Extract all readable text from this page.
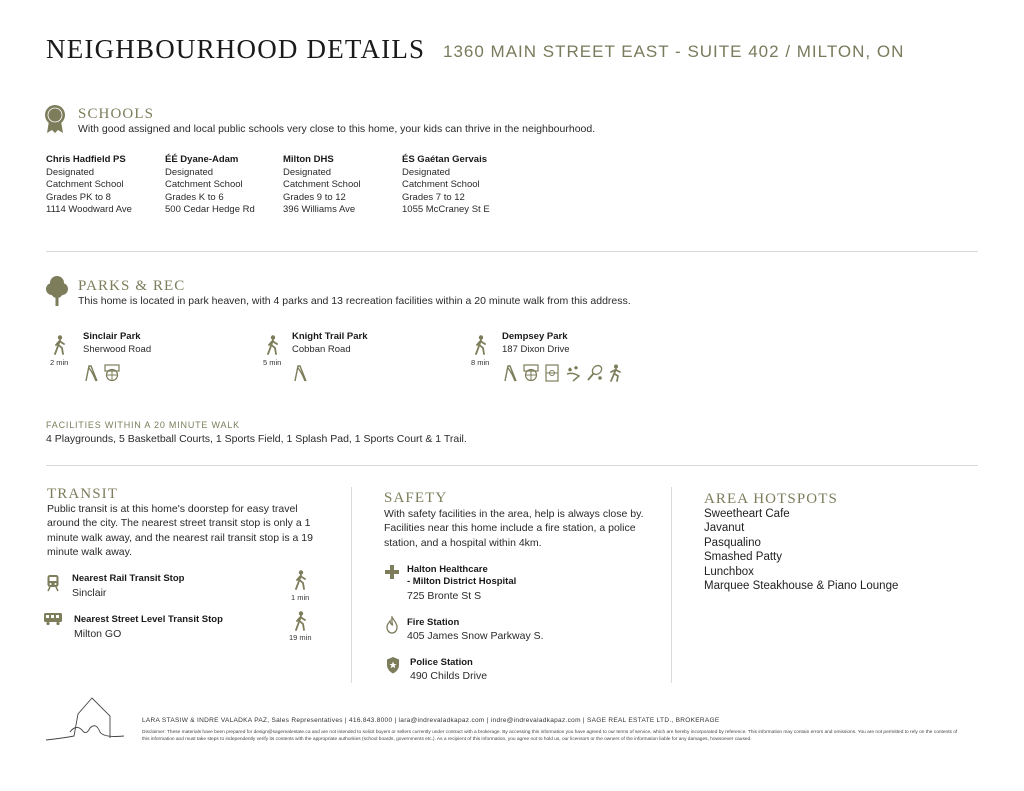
NEIGHBOURHOOD DETAILS 1360 MAIN STREET EAST - SUITE 402 / MILTON, ON
SCHOOLS
With good assigned and local public schools very close to this home, your kids can thrive in the neighbourhood.
Chris Hadfield PS
Designated
Catchment School
Grades PK to 8
1114 Woodward Ave
ÉÉ Dyane-Adam
Designated
Catchment School
Grades K to 6
500 Cedar Hedge Rd
Milton DHS
Designated
Catchment School
Grades 9 to 12
396 Williams Ave
ÉS Gaétan Gervais
Designated
Catchment School
Grades 7 to 12
1055 McCraney St E
PARKS & REC
This home is located in park heaven, with 4 parks and 13 recreation facilities within a 20 minute walk from this address.
2 min
Sinclair Park
Sherwood Road
5 min
Knight Trail Park
Cobban Road
8 min
Dempsey Park
187 Dixon Drive
FACILITIES WITHIN A 20 MINUTE WALK
4 Playgrounds, 5 Basketball Courts, 1 Sports Field, 1 Splash Pad, 1 Sports Court & 1 Trail.
TRANSIT
Public transit is at this home's doorstep for easy travel around the city. The nearest street transit stop is only a 1 minute walk away, and the nearest rail transit stop is a 19 minute walk away.
Nearest Rail Transit Stop
Sinclair	1 min
Nearest Street Level Transit Stop
Milton GO	19 min
SAFETY
With safety facilities in the area, help is always close by. Facilities near this home include a fire station, a police station, and a hospital within 4km.
Halton Healthcare
- Milton District Hospital
725 Bronte St S
Fire Station
405 James Snow Parkway S.
Police Station
490 Childs Drive
AREA HOTSPOTS
Sweetheart Cafe
Javanut
Pasqualino
Smashed Patty
Lunchbox
Marquee Steakhouse & Piano Lounge
LARA STASIW & INDRE VALADKA PAZ, Sales Representatives | 416.843.8000 | lara@indrevaladkapaz.com | indre@indrevaladkapaz.com | SAGE REAL ESTATE LTD., BROKERAGE
Disclaimer: These materials have been prepared for design@sagerealestate.ca and are not intended to solicit buyers or sellers currently under contract with a brokerage. By accessing this information you have agreed to our terms of service, which are hereby incorporated by reference. This information may contain errors and omissions. You are not permitted to rely on the contents of this information and must take steps to independently verify its contents with the appropriate authorities (school boards, governments etc.). As a recipient of this information, you agree not to hold us, our licensors or the owners of the information liable for any damages, howsoever caused.
